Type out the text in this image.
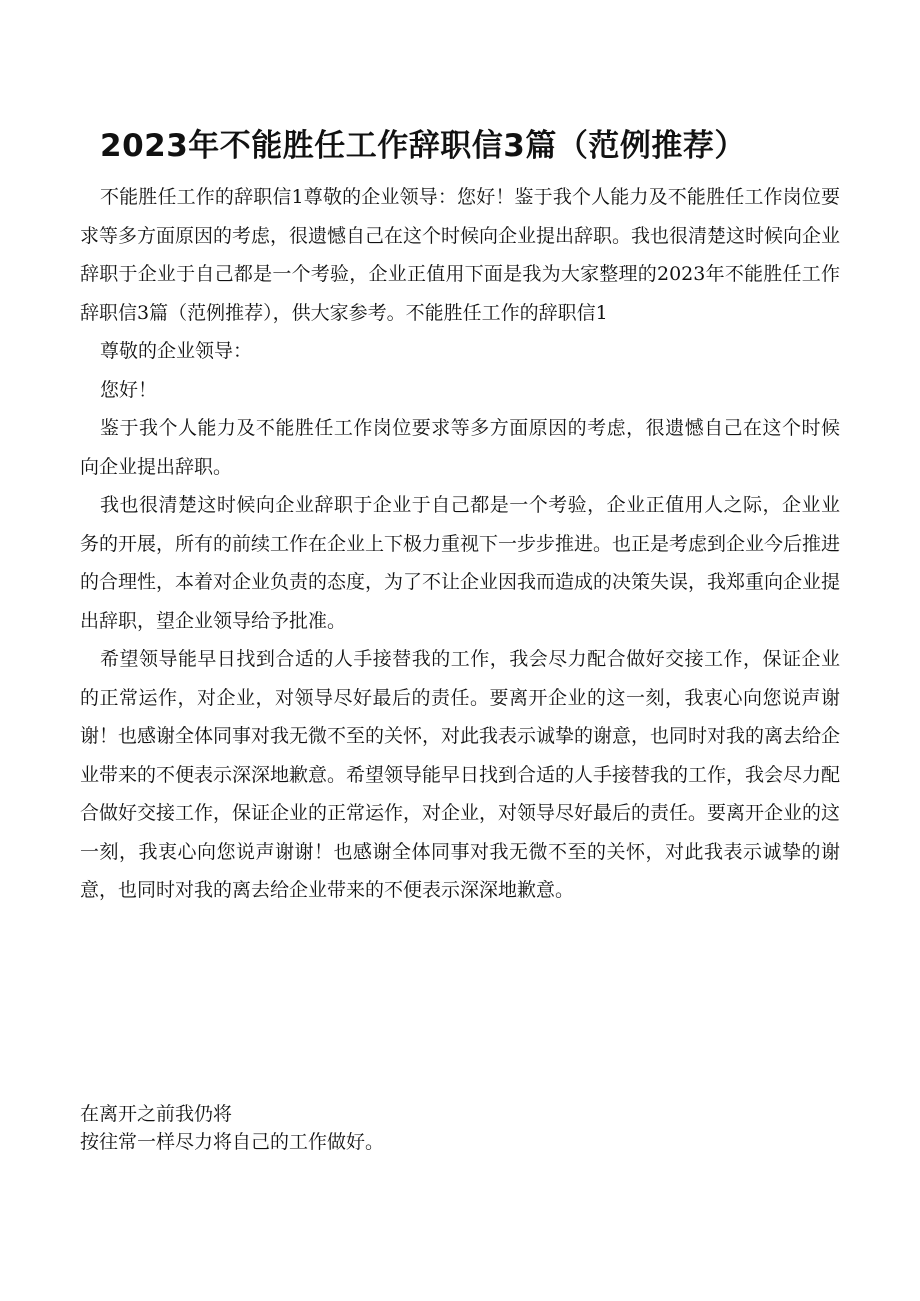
2023年不能胜任工作辞职信3篇（范例推荐）

不能胜任工作的辞职信1尊敬的企业领导：您好！鉴于我个人能力及不能胜任工作岗位要求等多方面原因的考虑，很遗憾自己在这个时候向企业提出辞职。我也很清楚这时候向企业辞职于企业于自己都是一个考验，企业正值用下面是我为大家整理的2023年不能胜任工作辞职信3篇（范例推荐），供大家参考。不能胜任工作的辞职信1

尊敬的企业领导：

您好！

鉴于我个人能力及不能胜任工作岗位要求等多方面原因的考虑，很遗憾自己在这个时候向企业提出辞职。

我也很清楚这时候向企业辞职于企业于自己都是一个考验，企业正值用人之际，企业业务的开展，所有的前续工作在企业上下极力重视下一步步推进。也正是考虑到企业今后推进的合理性，本着对企业负责的态度，为了不让企业因我而造成的决策失误，我郑重向企业提出辞职，望企业领导给予批准。

希望领导能早日找到合适的人手接替我的工作，我会尽力配合做好交接工作，保证企业的正常运作，对企业，对领导尽好最后的责任。要离开企业的这一刻，我衷心向您说声谢谢！也感谢全体同事对我无微不至的关怀，对此我表示诚挚的谢意，也同时对我的离去给企业带来的不便表示深深地歉意。希望领导能早日找到合适的人手接替我的工作，我会尽力配合做好交接工作，保证企业的正常运作，对企业，对领导尽好最后的责任。要离开企业的这一刻，我衷心向您说声谢谢！也感谢全体同事对我无微不至的关怀，对此我表示诚挚的谢意，也同时对我的离去给企业带来的不便表示深深地歉意。

在离开之前我仍将
按往常一样尽力将自己的工作做好。
